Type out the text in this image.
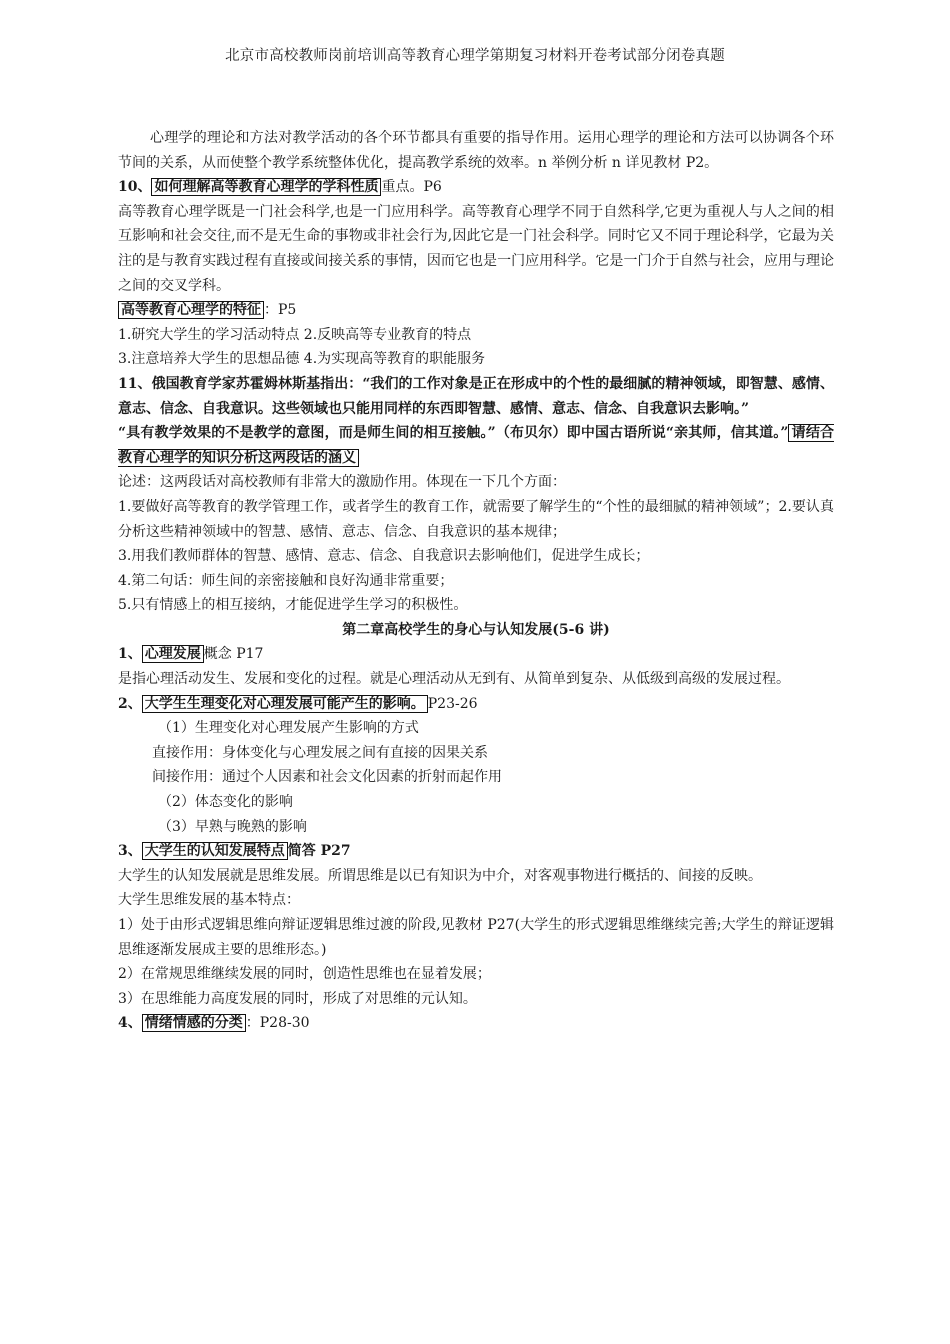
北京市高校教师岗前培训高等教育心理学第期复习材料开卷考试部分闭卷真题

心理学的理论和方法对教学活动的各个环节都具有重要的指导作用。运用心理学的理论和方法可以协调各个环节间的关系，从而使整个教学系统整体优化，提高教学系统的效率。n 举例分析 n 详见教材 P2。

10、 如何理解高等教育心理学的学科性质 重点。P6

高等教育心理学既是一门社会科学,也是一门应用科学。高等教育心理学不同于自然科学,它更为重视人与人之间的相互影响和社会交往,而不是无生命的事物或非社会行为,因此它是一门社会科学。同时它又不同于理论科学，它最为关注的是与教育实践过程有直接或间接关系的事情，因而它也是一门应用科学。它是一门介于自然与社会，应用与理论之间的交叉学科。

高等教育心理学的特征 ：P5

1.研究大学生的学习活动特点 2.反映高等专业教育的特点

3.注意培养大学生的思想品德 4.为实现高等教育的职能服务

11、俄国教育学家苏霍姆林斯基指出：“我们的工作对象是正在形成中的个性的最细腻的精神领域，即智慧、感情、意志、信念、自我意识。这些领域也只能用同样的东西即智慧、感情、意志、信念、自我意识去影响。”

“具有教学效果的不是教学的意图，而是师生间的相互接触。”（布贝尔）即中国古语所说“亲其师，信其道。” 请结合教育心理学的知识分析这两段话的涵义

论述：这两段话对高校教师有非常大的激励作用。体现在一下几个方面：

1.要做好高等教育的教学管理工作，或者学生的教育工作，就需要了解学生的“个性的最细腻的精神领域”；2.要认真分析这些精神领域中的智慧、感情、意志、信念、自我意识的基本规律；

3.用我们教师群体的智慧、感情、意志、信念、自我意识去影响他们，促进学生成长；

4.第二句话：师生间的亲密接触和良好沟通非常重要；

5.只有情感上的相互接纳，才能促进学生学习的积极性。

第二章高校学生的身心与认知发展(5-6 讲)

1、 心理发展 概念 P17

是指心理活动发生、发展和变化的过程。就是心理活动从无到有、从简单到复杂、从低级到高级的发展过程。

2、 大学生生理变化对心理发展可能产生的影响。 P23-26

（1）生理变化对心理发展产生影响的方式

直接作用：身体变化与心理发展之间有直接的因果关系

间接作用：通过个人因素和社会文化因素的折射而起作用

（2）体态变化的影响

（3）早熟与晚熟的影响

3、 大学生的认知发展特点 简答 P27

大学生的认知发展就是思维发展。所谓思维是以已有知识为中介，对客观事物进行概括的、间接的反映。

大学生思维发展的基本特点：

1）处于由形式逻辑思维向辩证逻辑思维过渡的阶段,见教材 P27(大学生的形式逻辑思维继续完善;大学生的辩证逻辑思维逐渐发展成主要的思维形态。)

2）在常规思维继续发展的同时，创造性思维也在显着发展；

3）在思维能力高度发展的同时，形成了对思维的元认知。

4、 情绪情感的分类 ：P28-30
